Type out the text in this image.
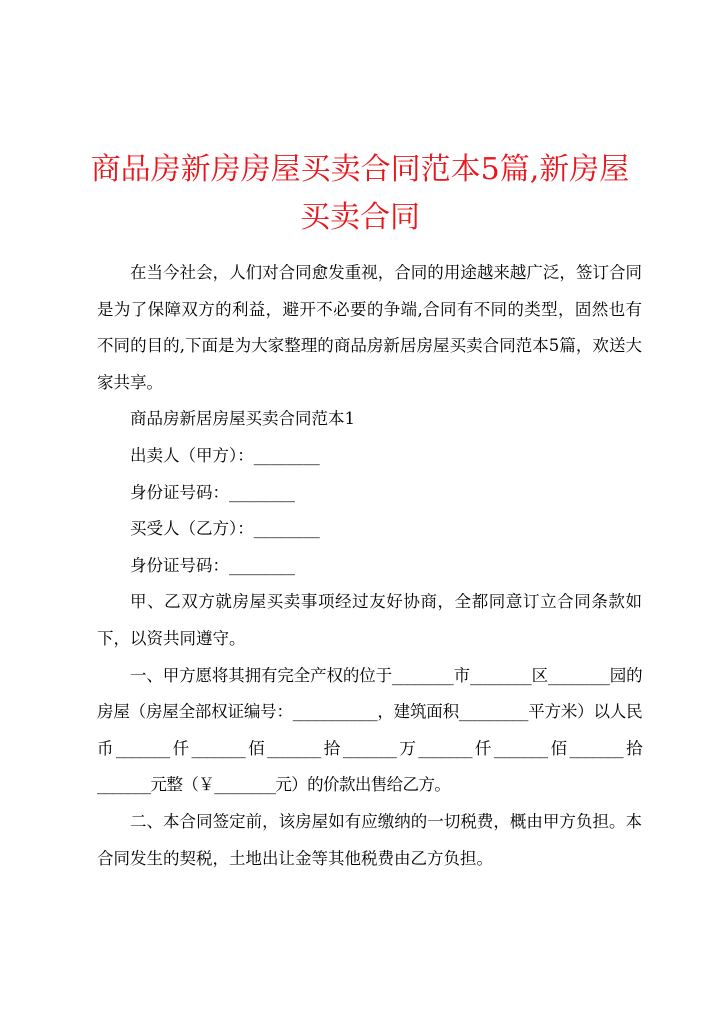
商品房新房房屋买卖合同范本5篇,新房屋买卖合同

在当今社会，人们对合同愈发重视，合同的用途越来越广泛，签订合同是为了保障双方的利益，避开不必要的争端,合同有不同的类型，固然也有不同的目的,下面是为大家整理的商品房新居房屋买卖合同范本5篇，欢送大家共享。

商品房新居房屋买卖合同范本1

出卖人（甲方）：________

身份证号码：________

买受人（乙方）：________

身份证号码：________

甲、乙双方就房屋买卖事项经过友好协商，全都同意订立合同条款如下，以资共同遵守。

一、甲方愿将其拥有完全产权的位于________市________区________园的房屋（房屋全部权证编号：___________，建筑面积_________平方米）以人民币_______仟_______佰_______拾_______万_______仟_______佰_______拾_______元整（￥________元）的价款出售给乙方。

二、本合同签定前，该房屋如有应缴纳的一切税费，概由甲方负担。本合同发生的契税，土地出让金等其他税费由乙方负担。
